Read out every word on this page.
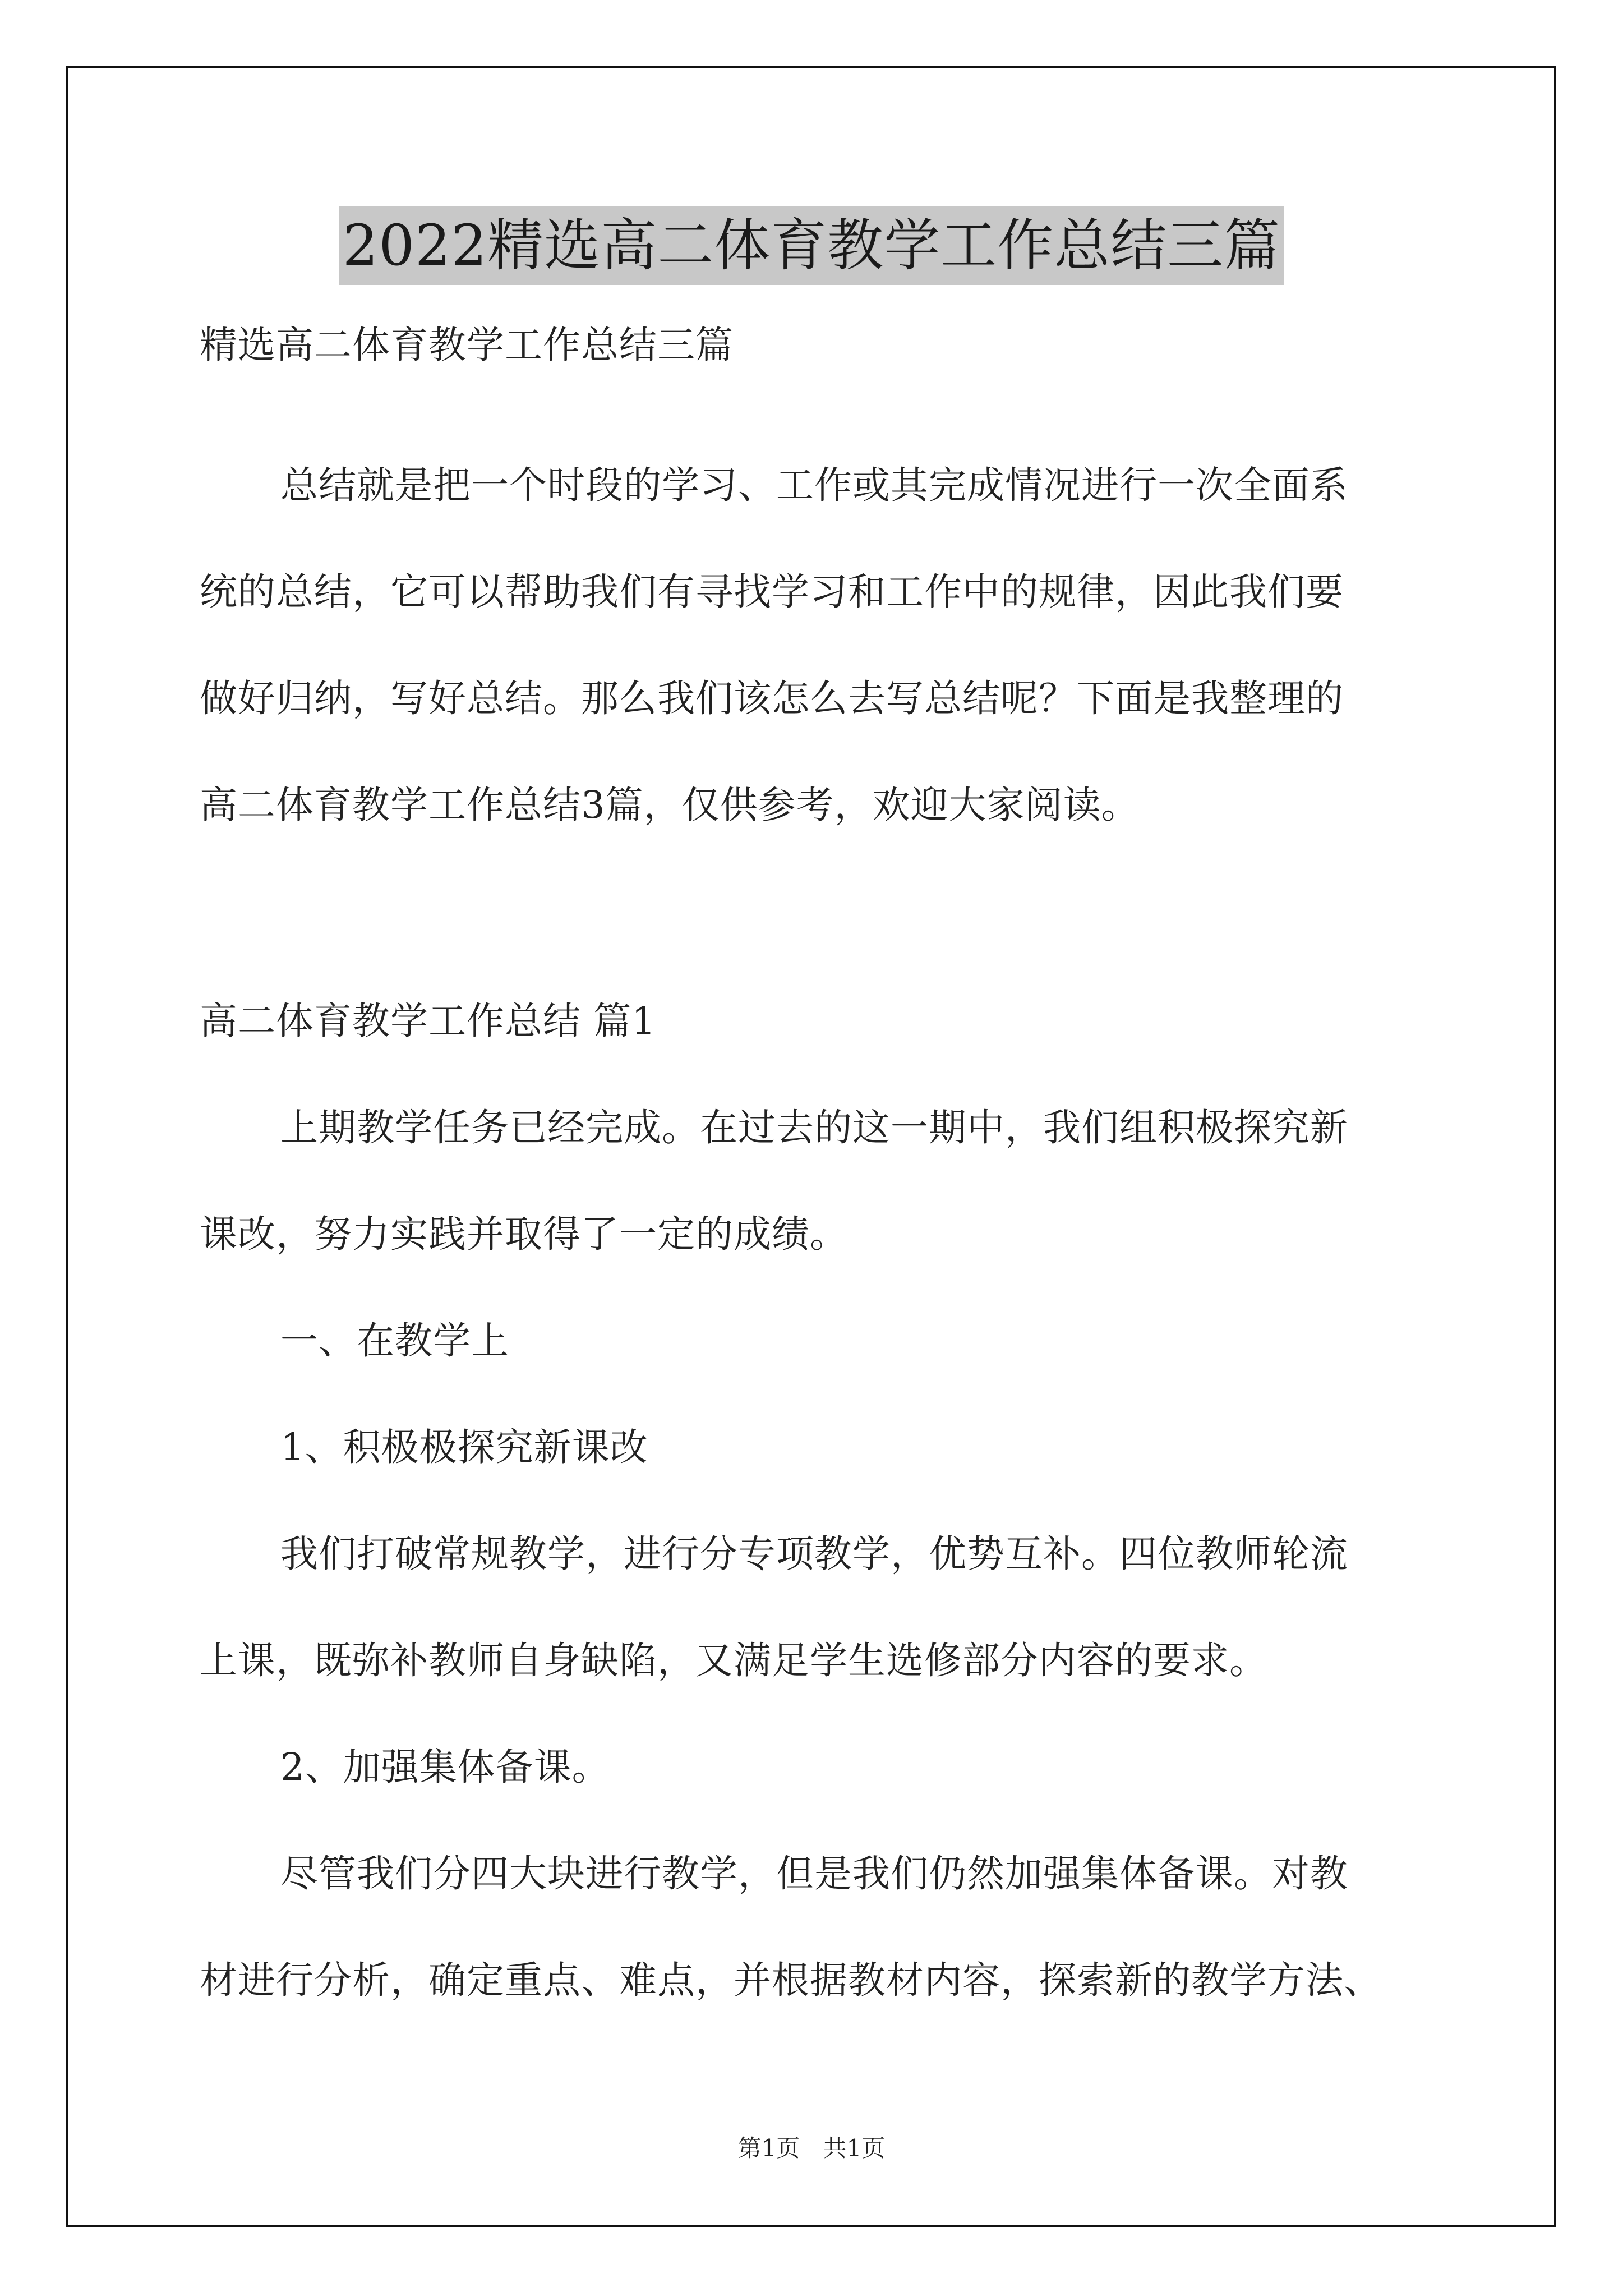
2022精选高二体育教学工作总结三篇
精选高二体育教学工作总结三篇
总结就是把一个时段的学习、工作或其完成情况进行一次全面系
统的总结，它可以帮助我们有寻找学习和工作中的规律，因此我们要
做好归纳，写好总结。那么我们该怎么去写总结呢？下面是我整理的
高二体育教学工作总结3篇，仅供参考，欢迎大家阅读。
高二体育教学工作总结 篇1
上期教学任务已经完成。在过去的这一期中，我们组积极探究新
课改，努力实践并取得了一定的成绩。
一、在教学上
1、积极极探究新课改
我们打破常规教学，进行分专项教学，优势互补。四位教师轮流
上课，既弥补教师自身缺陷，又满足学生选修部分内容的要求。
2、加强集体备课。
尽管我们分四大块进行教学，但是我们仍然加强集体备课。对教
材进行分析，确定重点、难点，并根据教材内容，探索新的教学方法、
第1页 共1页
